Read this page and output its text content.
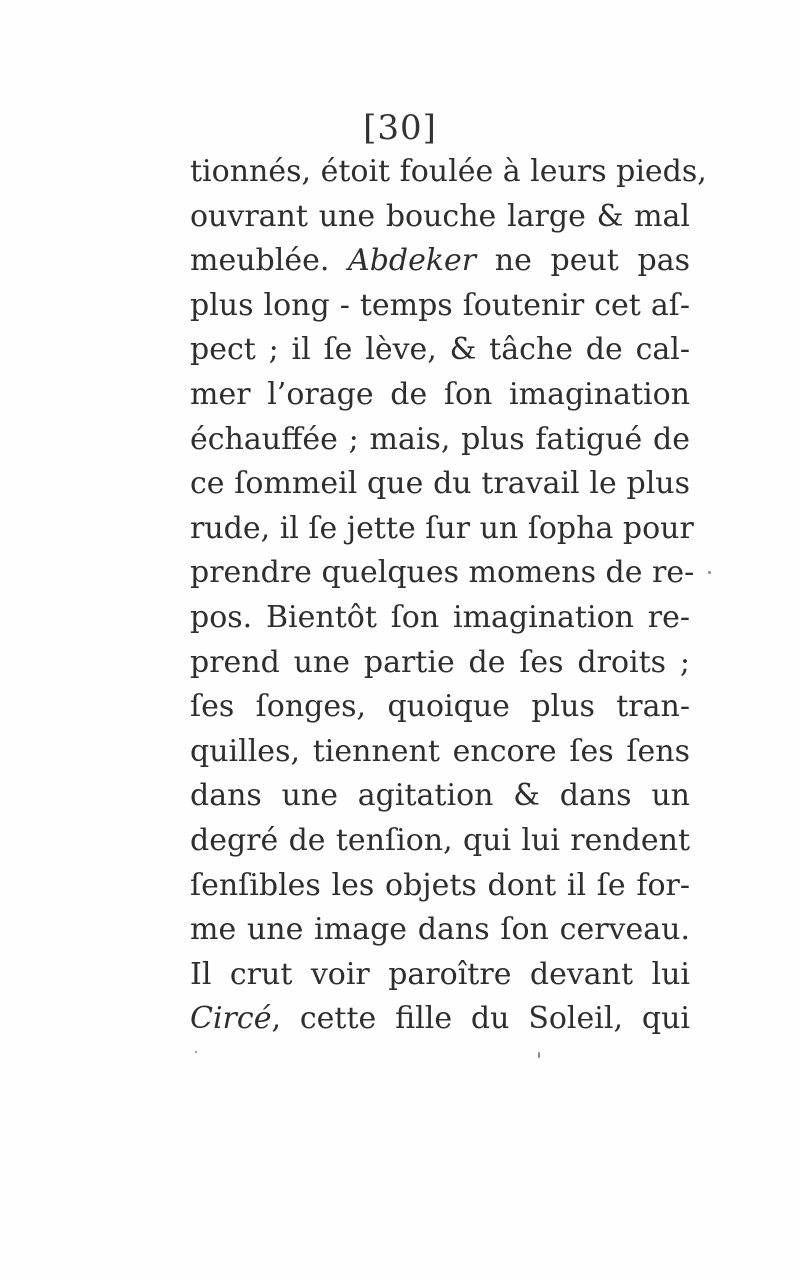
[30]
tionnés, étoit foulée à leurs pieds,
ouvrant une bouche large & mal
meublée. Abdeker ne peut pas
plus long - temps ſoutenir cet aſ-
pect ; il ſe lève, & tâche de cal-
mer l’orage de ſon imagination
échauffée ; mais, plus fatigué de
ce ſommeil que du travail le plus
rude, il ſe jette ſur un ſopha pour
prendre quelques momens de re-
pos. Bientôt ſon imagination re-
prend une partie de ſes droits ;
ſes ſonges, quoique plus tran-
quilles, tiennent encore ſes ſens
dans une agitation & dans un
degré de tenſion, qui lui rendent
ſenſibles les objets dont il ſe for-
me une image dans ſon cerveau.
Il crut voir paroître devant lui
Circé, cette fille du Soleil, qui
